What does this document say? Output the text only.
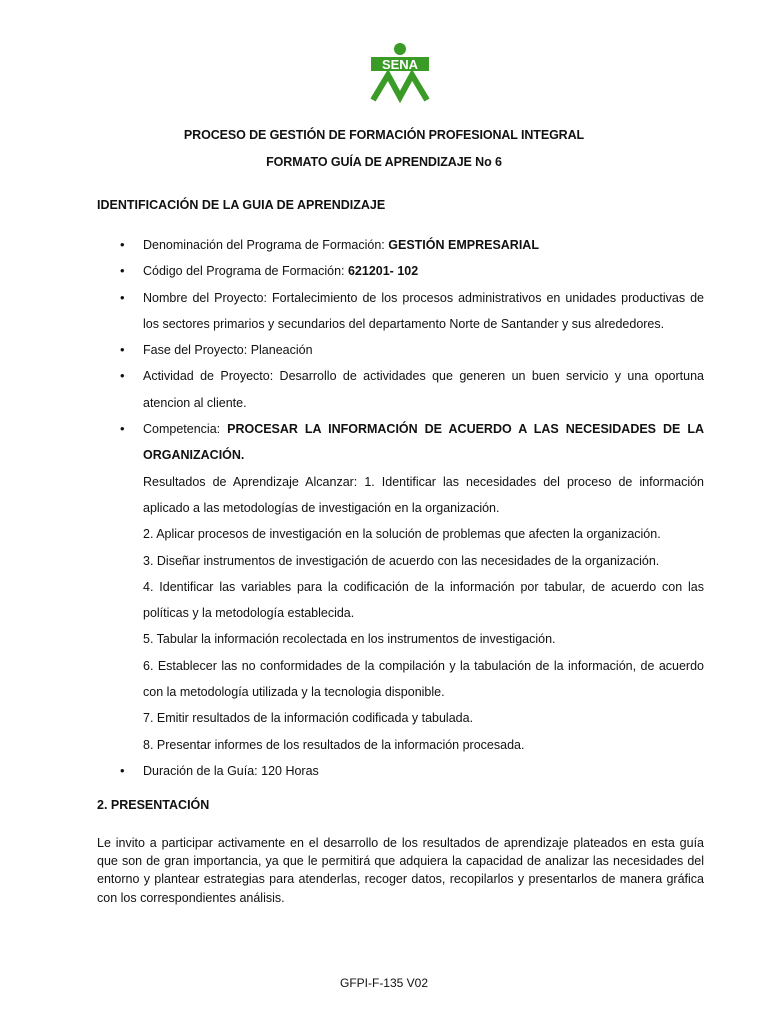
SENA
PROCESO DE GESTIÓN DE FORMACIÓN PROFESIONAL INTEGRAL
FORMATO GUÍA DE APRENDIZAJE No 6
IDENTIFICACIÓN DE LA GUIA DE APRENDIZAJE
• Denominación del Programa de Formación: GESTIÓN EMPRESARIAL
• Código del Programa de Formación: 621201- 102
• Nombre del Proyecto: Fortalecimiento de los procesos administrativos en unidades productivas de los sectores primarios y secundarios del departamento Norte de Santander y sus alrededores.
• Fase del Proyecto: Planeación
• Actividad de Proyecto: Desarrollo de actividades que generen un buen servicio y una oportuna atencion al cliente.
• Competencia: PROCESAR LA INFORMACIÓN DE ACUERDO A LAS NECESIDADES DE LA ORGANIZACIÓN.
Resultados de Aprendizaje Alcanzar: 1. Identificar las necesidades del proceso de información aplicado a las metodologías de investigación en la organización.
2. Aplicar procesos de investigación en la solución de problemas que afecten la organización.
3. Diseñar instrumentos de investigación de acuerdo con las necesidades de la organización.
4. Identificar las variables para la codificación de la información por tabular, de acuerdo con las políticas y la metodología establecida.
5. Tabular la información recolectada en los instrumentos de investigación.
6. Establecer las no conformidades de la compilación y la tabulación de la información, de acuerdo con la metodología utilizada y la tecnologia disponible.
7. Emitir resultados de la información codificada y tabulada.
8. Presentar informes de los resultados de la información procesada.
• Duración de la Guía: 120 Horas
2. PRESENTACIÓN
Le invito a participar activamente en el desarrollo de los resultados de aprendizaje plateados en esta guía que son de gran importancia, ya que le permitirá que adquiera la capacidad de analizar las necesidades del entorno y plantear estrategias para atenderlas, recoger datos, recopilarlos y presentarlos de manera gráfica con los correspondientes análisis.
GFPI-F-135 V02
